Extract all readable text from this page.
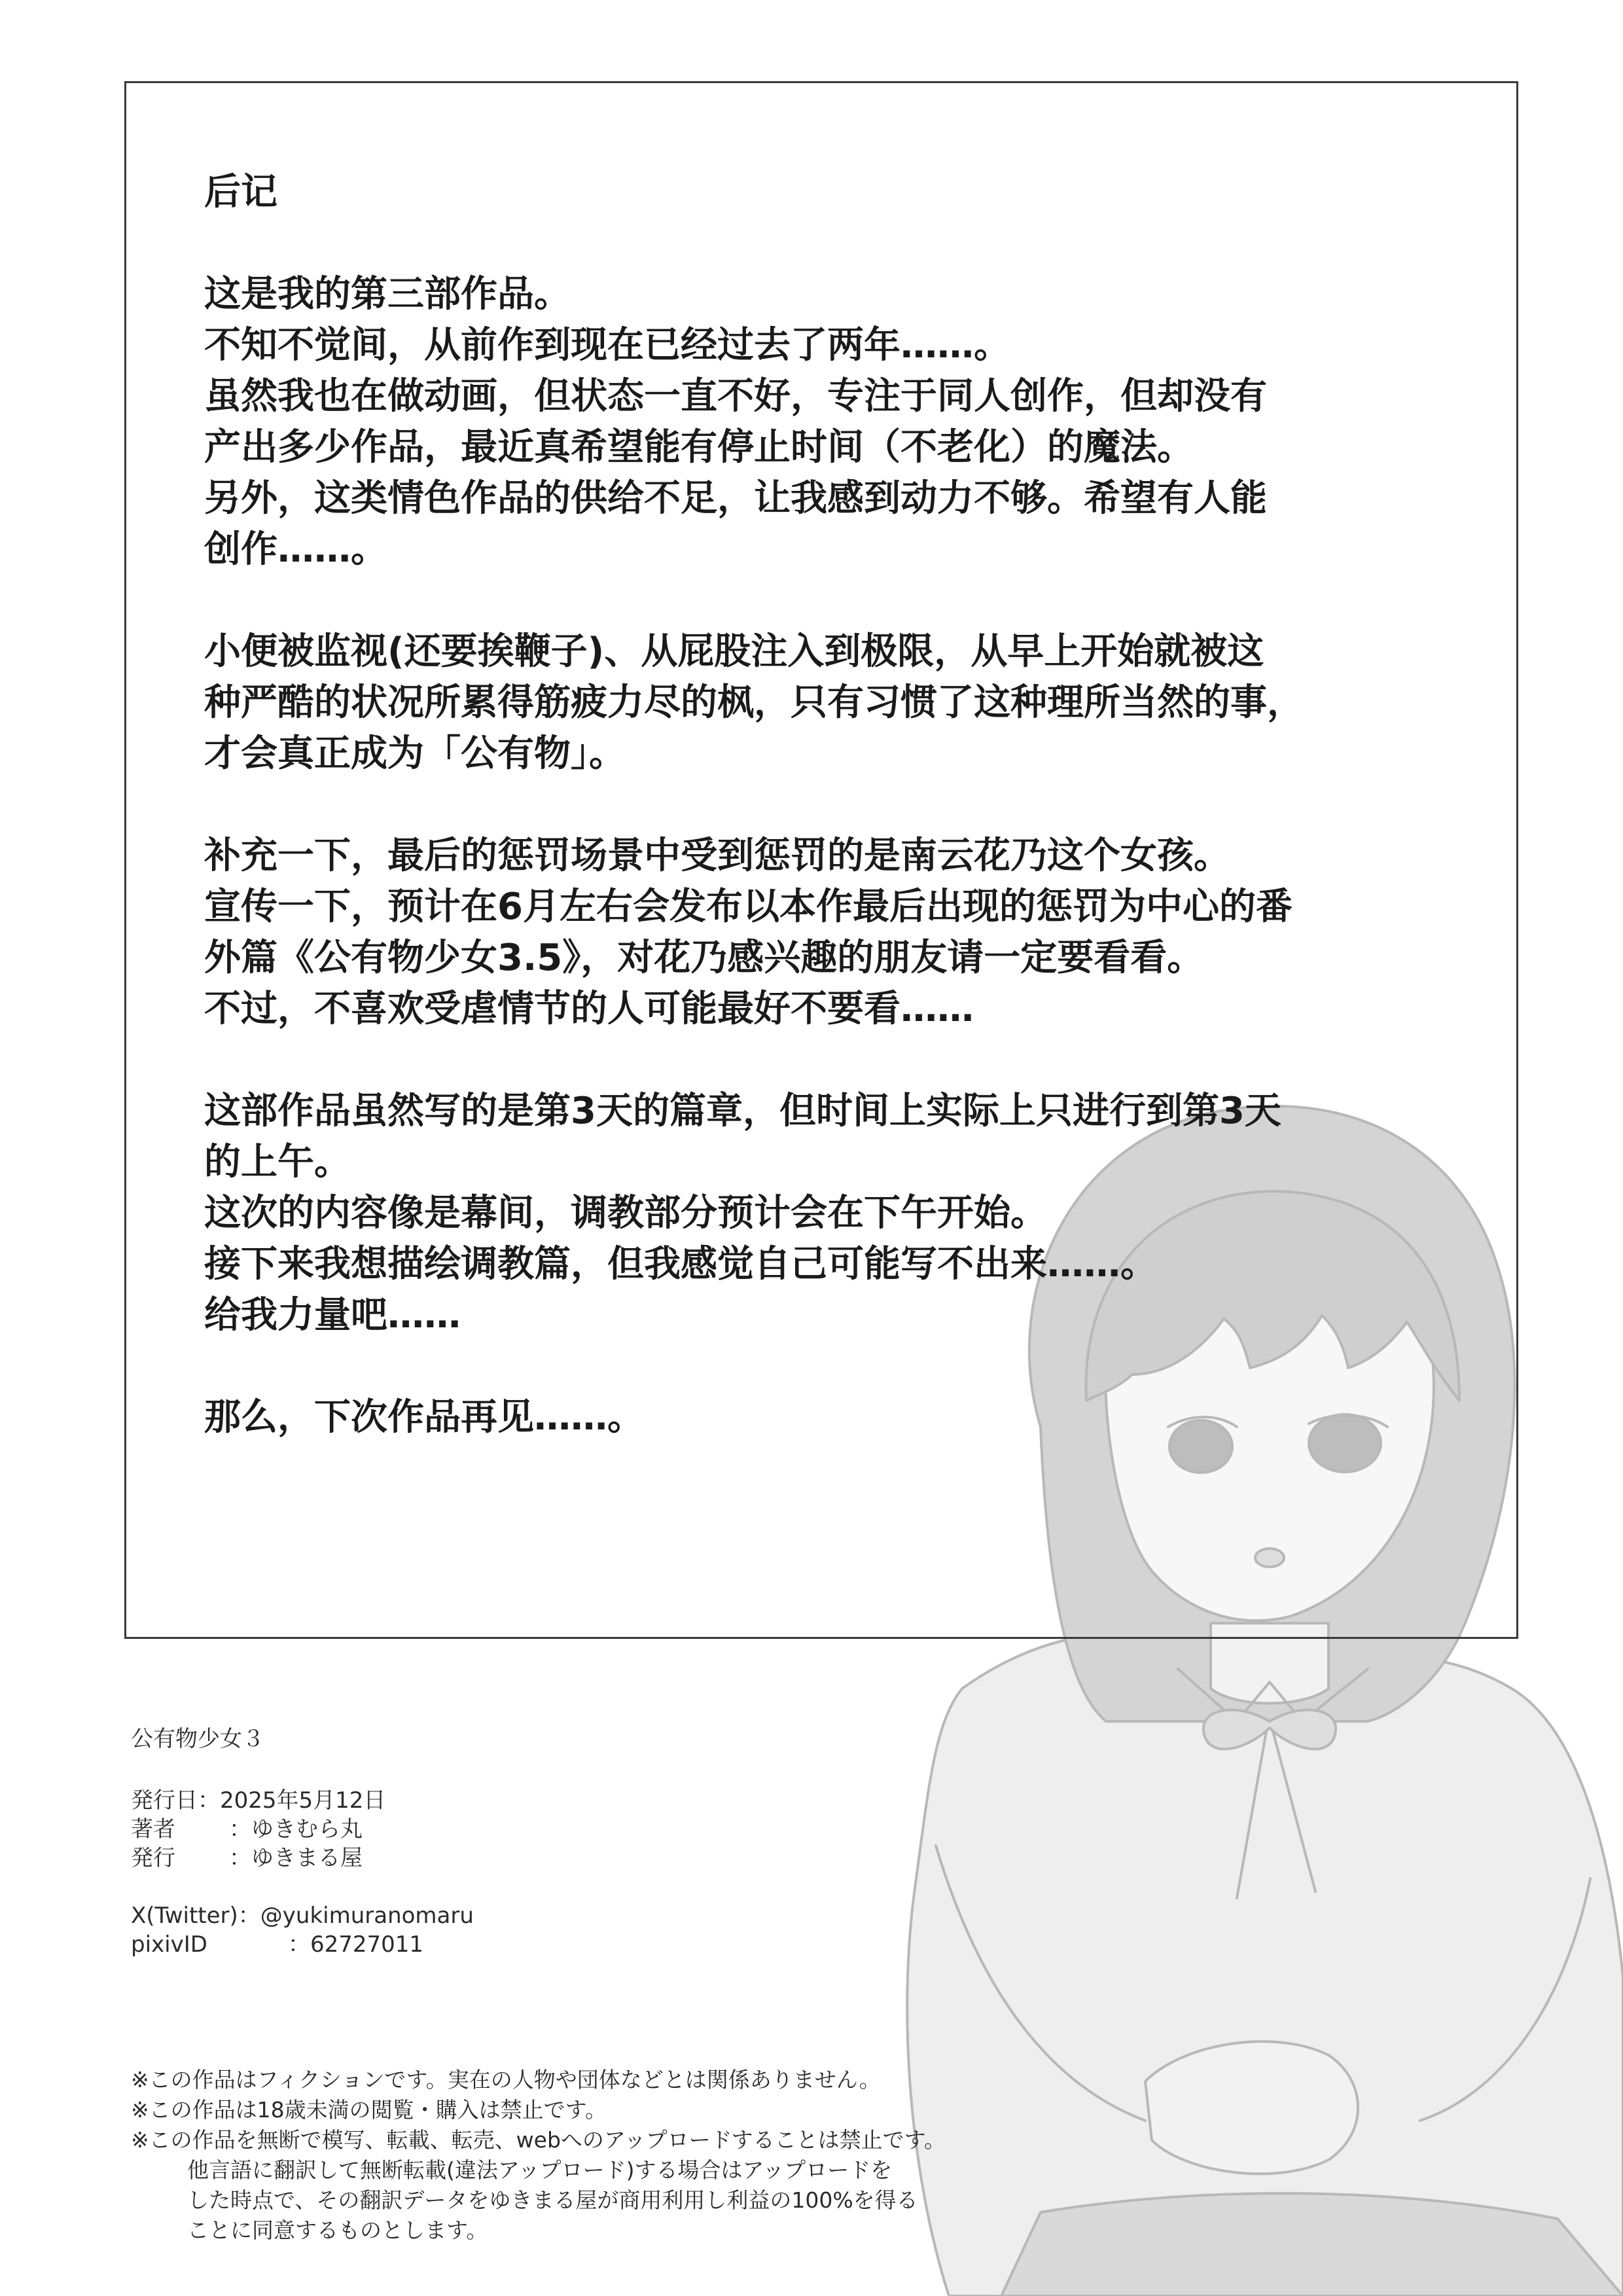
后记
这是我的第三部作品。
不知不觉间，从前作到现在已经过去了两年……。
虽然我也在做动画，但状态一直不好，专注于同人创作，但却没有
产出多少作品，最近真希望能有停止时间（不老化）的魔法。
另外，这类情色作品的供给不足，让我感到动力不够。希望有人能
创作……。
小便被监视(还要挨鞭子)、从屁股注入到极限，从早上开始就被这
种严酷的状况所累得筋疲力尽的枫，只有习惯了这种理所当然的事，
才会真正成为「公有物」。
补充一下，最后的惩罚场景中受到惩罚的是南云花乃这个女孩。
宣传一下，预计在6月左右会发布以本作最后出现的惩罚为中心的番
外篇《公有物少女3.5》，对花乃感兴趣的朋友请一定要看看。
不过，不喜欢受虐情节的人可能最好不要看……
这部作品虽然写的是第3天的篇章，但时间上实际上只进行到第3天
的上午。
这次的内容像是幕间，调教部分预计会在下午开始。
接下来我想描绘调教篇，但我感觉自己可能写不出来……。
给我力量吧……
那么，下次作品再见……。
公有物少女３
発行日 ： 2025年5月12日
著者	： ゆきむら丸
発行	： ゆきまる屋
X(Twitter) ： @yukimuranomaru
pixivID	： 62727011
※この作品はフィクションです。実在の人物や団体などとは関係ありません。
※この作品は18歳未満の閲覧・購入は禁止です。
※この作品を無断で模写、転載、転売、webへのアップロードすることは禁止です。
他言語に翻訳して無断転載(違法アップロード)する場合はアップロードを
した時点で、その翻訳データをゆきまる屋が商用利用し利益の100%を得る
ことに同意するものとします。
